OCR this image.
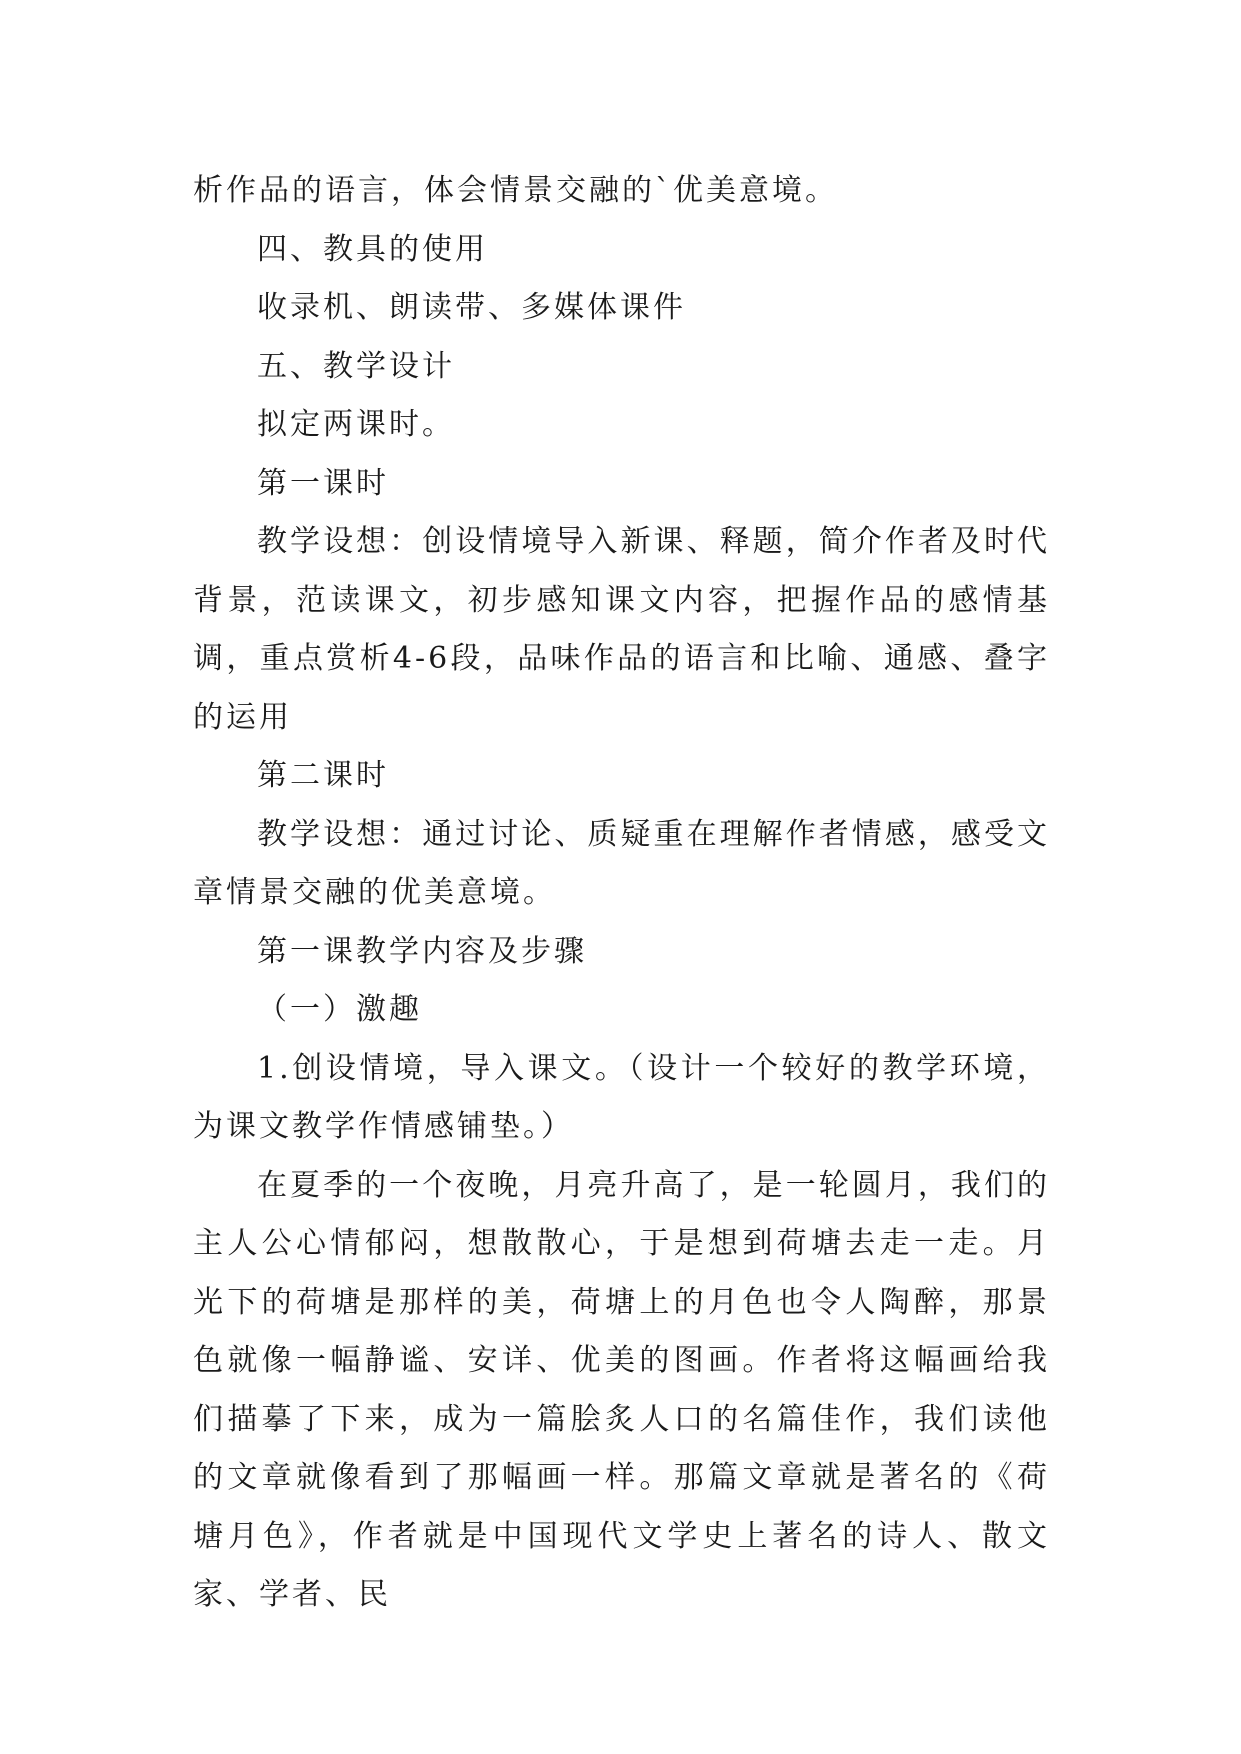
析作品的语言，体会情景交融的`优美意境。

四、教具的使用

收录机、朗读带、多媒体课件

五、教学设计

拟定两课时。

第一课时

教学设想：创设情境导入新课、释题，简介作者及时代背景，范读课文，初步感知课文内容，把握作品的感情基调，重点赏析4-6段，品味作品的语言和比喻、通感、叠字的运用

第二课时

教学设想：通过讨论、质疑重在理解作者情感，感受文章情景交融的优美意境。

第一课教学内容及步骤

（一）激趣

1.创设情境，导入课文。（设计一个较好的教学环境，为课文教学作情感铺垫。）

在夏季的一个夜晚，月亮升高了，是一轮圆月，我们的主人公心情郁闷，想散散心，于是想到荷塘去走一走。月光下的荷塘是那样的美，荷塘上的月色也令人陶醉，那景色就像一幅静谧、安详、优美的图画。作者将这幅画给我们描摹了下来，成为一篇脍炙人口的名篇佳作，我们读他的文章就像看到了那幅画一样。那篇文章就是著名的《荷塘月色》，作者就是中国现代文学史上著名的诗人、散文家、学者、民
